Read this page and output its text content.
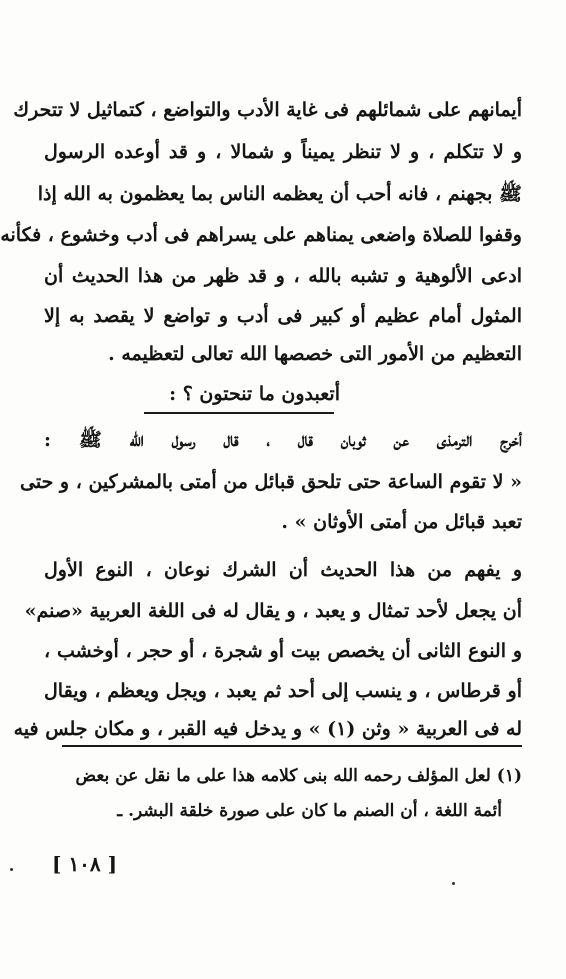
أيمانهم على شمائلهم فى غاية الأدب والتواضع ، كتماثيل لا تتحرك
و لا تتكلم ، و لا تنظر يميناً و شمالا ، و قد أوعده الرسول
ﷺ بجهنم ، فانه أحب أن يعظمه الناس بما يعظمون به الله إذا
وقفوا للصلاة واضعى يمناهم على يسراهم فى أدب وخشوع ، فكأنه
ادعى الألوهية و تشبه بالله ، و قد ظهر من هذا الحديث أن
المثول أمام عظيم أو كبير فى أدب و تواضع لا يقصد به إلا
التعظيم من الأمور التى خصصها الله تعالى لتعظيمه .
أتعبدون ما تنحتون ؟ :
أخرج الترمذى عن ثوبان قال ، قال رسول الله ﷺ :
« لا تقوم الساعة حتى تلحق قبائل من أمتى بالمشركين ، و حتى
تعبد قبائل من أمتى الأوثان » .
و يفهم من هذا الحديث أن الشرك نوعان ، النوع الأول
أن يجعل لأحد تمثال و يعبد ، و يقال له فى اللغة العربية «صنم»
و النوع الثانى أن يخصص بيت أو شجرة ، أو حجر ، أوخشب ،
أو قرطاس ، و ينسب إلى أحد ثم يعبد ، ويجل ويعظم ، ويقال
له فى العربية « وثن (١) » و يدخل فيه القبر ، و مكان جلس فيه
(١) لعل المؤلف رحمه الله بنى كلامه هذا على ما نقل عن بعض
أئمة اللغة ، أن الصنم ما كان على صورة خلقة البشر. ـ
[ ١٠٨ ]
